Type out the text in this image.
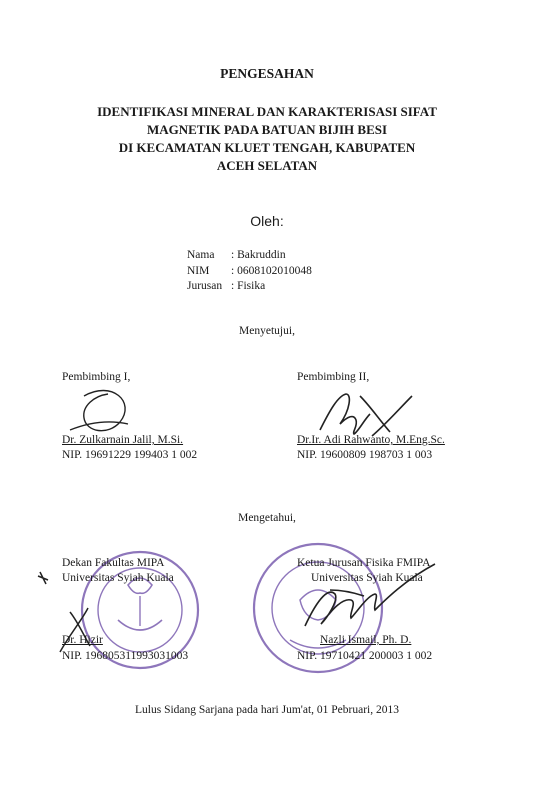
PENGESAHAN
IDENTIFIKASI MINERAL DAN KARAKTERISASI SIFAT
MAGNETIK PADA BATUAN BIJIH BESI
DI KECAMATAN KLUET TENGAH, KABUPATEN
ACEH SELATAN
Oleh:
Nama	: Bakruddin
NIM	: 0608102010048
Jurusan : Fisika
Menyetujui,
Pembimbing I,
Dr. Zulkarnain Jalil, M.Si.
NIP. 19691229 199403 1 002
Pembimbing II,
Dr.Ir. Adi Rahwanto, M.Eng.Sc.
NIP. 19600809 198703 1 003
Mengetahui,
Dekan Fakultas MIPA
Universitas Syiah Kuala
Dr. Hizir
NIP. 196805311993031003
Ketua Jurusan Fisika FMIPA
Universitas Syiah Kuala
Nazli Ismail, Ph. D.
NIP. 19710421 200003 1 002
Lulus Sidang Sarjana pada hari Jum'at, 01 Pebruari, 2013
